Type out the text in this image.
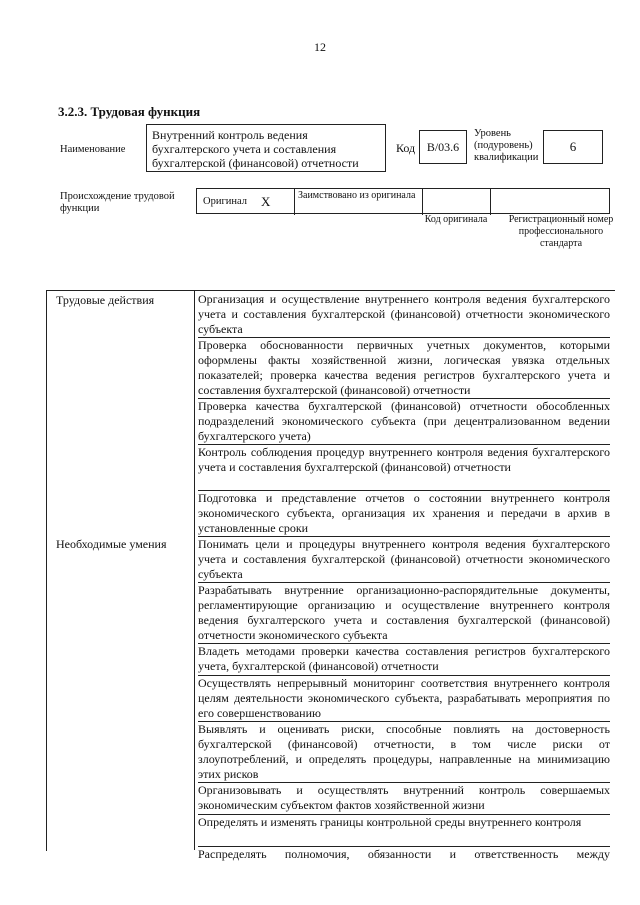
12
3.2.3. Трудовая функция
Наименование
Внутренний контроль ведения бухгалтерского учета и составления бухгалтерской (финансовой) отчетности
Код B/03.6
Уровень (подуровень) квалификации
6
Происхождение трудовой функции
Оригинал X	Заимствовано из оригинала
Код оригинала Регистрационный номер профессионального стандарта
Трудовые действия
Необходимые умения
Организация и осуществление внутреннего контроля ведения бухгалтерского учета и составления бухгалтерской (финансовой) отчетности экономического субъекта
Проверка обоснованности первичных учетных документов, которыми оформлены факты хозяйственной жизни, логическая увязка отдельных показателей; проверка качества ведения регистров бухгалтерского учета и составления бухгалтерской (финансовой) отчетности
Проверка качества бухгалтерской (финансовой) отчетности обособленных подразделений экономического субъекта (при децентрализованном ведении бухгалтерского учета)
Контроль соблюдения процедур внутреннего контроля ведения бухгалтерского учета и составления бухгалтерской (финансовой) отчетности
Подготовка и представление отчетов о состоянии внутреннего контроля экономического субъекта, организация их хранения и передачи в архив в установленные сроки
Понимать цели и процедуры внутреннего контроля ведения бухгалтерского учета и составления бухгалтерской (финансовой) отчетности экономического субъекта
Разрабатывать внутренние организационно-распорядительные документы, регламентирующие организацию и осуществление внутреннего контроля ведения бухгалтерского учета и составления бухгалтерской (финансовой) отчетности экономического субъекта
Владеть методами проверки качества составления регистров бухгалтерского учета, бухгалтерской (финансовой) отчетности
Осуществлять непрерывный мониторинг соответствия внутреннего контроля целям деятельности экономического субъекта, разрабатывать мероприятия по его совершенствованию
Выявлять и оценивать риски, способные повлиять на достоверность бухгалтерской (финансовой) отчетности, в том числе риски от злоупотреблений, и определять процедуры, направленные на минимизацию этих рисков
Организовывать и осуществлять внутренний контроль совершаемых экономическим субъектом фактов хозяйственной жизни
Определять и изменять границы контрольной среды внутреннего контроля
Распределять полномочия, обязанности и ответственность между
